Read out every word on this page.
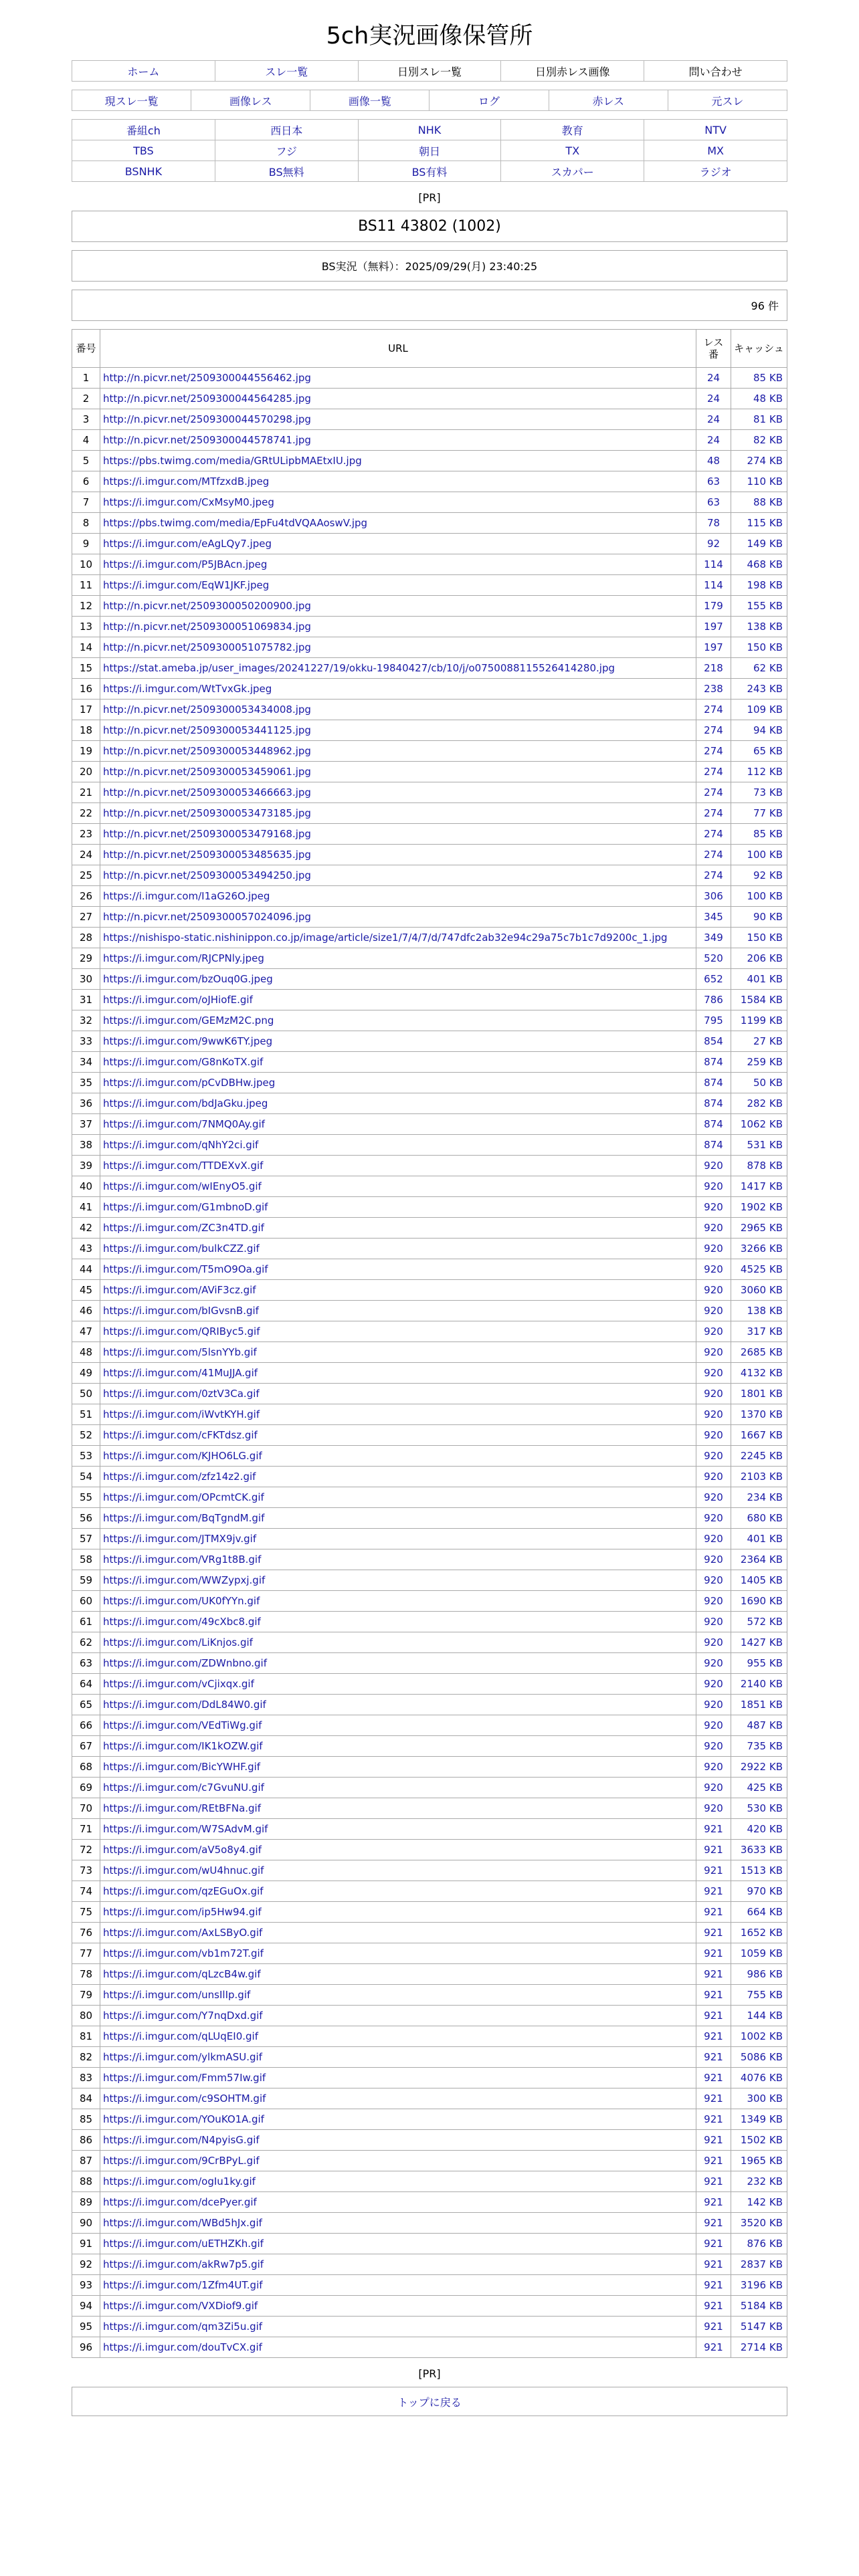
5ch実況画像保管所
ホーム	スレ一覧	日別スレ一覧	日別赤レス画像	問い合わせ
現スレ一覧	画像レス	画像一覧	ログ	赤レス	元スレ
番組ch	西日本	NHK	教育	NTV
TBS	フジ	朝日	TX	MX
BSNHK	BS無料	BS有料	スカパー	ラジオ
[PR]
BS11 43802 (1002)
BS実況（無料）：2025/09/29(月) 23:40:25
96 件
番号	URL	レス番	キャッシュ
1	http://n.picvr.net/2509300044556462.jpg	24	85 KB
2	http://n.picvr.net/2509300044564285.jpg	24	48 KB
3	http://n.picvr.net/2509300044570298.jpg	24	81 KB
4	http://n.picvr.net/2509300044578741.jpg	24	82 KB
5	https://pbs.twimg.com/media/GRtULipbMAEtxIU.jpg	48	274 KB
6	https://i.imgur.com/MTfzxdB.jpeg	63	110 KB
7	https://i.imgur.com/CxMsyM0.jpeg	63	88 KB
8	https://pbs.twimg.com/media/EpFu4tdVQAAoswV.jpg	78	115 KB
9	https://i.imgur.com/eAgLQy7.jpeg	92	149 KB
10	https://i.imgur.com/P5JBAcn.jpeg	114	468 KB
11	https://i.imgur.com/EqW1JKF.jpeg	114	198 KB
12	http://n.picvr.net/2509300050200900.jpg	179	155 KB
13	http://n.picvr.net/2509300051069834.jpg	197	138 KB
14	http://n.picvr.net/2509300051075782.jpg	197	150 KB
15	https://stat.ameba.jp/user_images/20241227/19/okku-19840427/cb/10/j/o0750088115526414280.jpg	218	62 KB
16	https://i.imgur.com/WtTvxGk.jpeg	238	243 KB
17	http://n.picvr.net/2509300053434008.jpg	274	109 KB
18	http://n.picvr.net/2509300053441125.jpg	274	94 KB
19	http://n.picvr.net/2509300053448962.jpg	274	65 KB
20	http://n.picvr.net/2509300053459061.jpg	274	112 KB
21	http://n.picvr.net/2509300053466663.jpg	274	73 KB
22	http://n.picvr.net/2509300053473185.jpg	274	77 KB
23	http://n.picvr.net/2509300053479168.jpg	274	85 KB
24	http://n.picvr.net/2509300053485635.jpg	274	100 KB
25	http://n.picvr.net/2509300053494250.jpg	274	92 KB
26	https://i.imgur.com/I1aG26O.jpeg	306	100 KB
27	http://n.picvr.net/2509300057024096.jpg	345	90 KB
28	https://nishispo-static.nishinippon.co.jp/image/article/size1/7/4/7/d/747dfc2ab32e94c29a75c7b1c7d9200c_1.jpg	349	150 KB
29	https://i.imgur.com/RJCPNly.jpeg	520	206 KB
30	https://i.imgur.com/bzOuq0G.jpeg	652	401 KB
31	https://i.imgur.com/oJHiofE.gif	786	1584 KB
32	https://i.imgur.com/GEMzM2C.png	795	1199 KB
33	https://i.imgur.com/9wwK6TY.jpeg	854	27 KB
34	https://i.imgur.com/G8nKoTX.gif	874	259 KB
35	https://i.imgur.com/pCvDBHw.jpeg	874	50 KB
36	https://i.imgur.com/bdJaGku.jpeg	874	282 KB
37	https://i.imgur.com/7NMQ0Ay.gif	874	1062 KB
38	https://i.imgur.com/qNhY2ci.gif	874	531 KB
39	https://i.imgur.com/TTDEXvX.gif	920	878 KB
40	https://i.imgur.com/wIEnyO5.gif	920	1417 KB
41	https://i.imgur.com/G1mbnoD.gif	920	1902 KB
42	https://i.imgur.com/ZC3n4TD.gif	920	2965 KB
43	https://i.imgur.com/bulkCZZ.gif	920	3266 KB
44	https://i.imgur.com/T5mO9Oa.gif	920	4525 KB
45	https://i.imgur.com/AViF3cz.gif	920	3060 KB
46	https://i.imgur.com/bIGvsnB.gif	920	138 KB
47	https://i.imgur.com/QRIByc5.gif	920	317 KB
48	https://i.imgur.com/5lsnYYb.gif	920	2685 KB
49	https://i.imgur.com/41MuJJA.gif	920	4132 KB
50	https://i.imgur.com/0ztV3Ca.gif	920	1801 KB
51	https://i.imgur.com/iWvtKYH.gif	920	1370 KB
52	https://i.imgur.com/cFKTdsz.gif	920	1667 KB
53	https://i.imgur.com/KJHO6LG.gif	920	2245 KB
54	https://i.imgur.com/zfz14z2.gif	920	2103 KB
55	https://i.imgur.com/OPcmtCK.gif	920	234 KB
56	https://i.imgur.com/BqTgndM.gif	920	680 KB
57	https://i.imgur.com/JTMX9jv.gif	920	401 KB
58	https://i.imgur.com/VRg1t8B.gif	920	2364 KB
59	https://i.imgur.com/WWZypxj.gif	920	1405 KB
60	https://i.imgur.com/UK0fYYn.gif	920	1690 KB
61	https://i.imgur.com/49cXbc8.gif	920	572 KB
62	https://i.imgur.com/LiKnjos.gif	920	1427 KB
63	https://i.imgur.com/ZDWnbno.gif	920	955 KB
64	https://i.imgur.com/vCjixqx.gif	920	2140 KB
65	https://i.imgur.com/DdL84W0.gif	920	1851 KB
66	https://i.imgur.com/VEdTiWg.gif	920	487 KB
67	https://i.imgur.com/IK1kOZW.gif	920	735 KB
68	https://i.imgur.com/BicYWHF.gif	920	2922 KB
69	https://i.imgur.com/c7GvuNU.gif	920	425 KB
70	https://i.imgur.com/REtBFNa.gif	920	530 KB
71	https://i.imgur.com/W7SAdvM.gif	921	420 KB
72	https://i.imgur.com/aV5o8y4.gif	921	3633 KB
73	https://i.imgur.com/wU4hnuc.gif	921	1513 KB
74	https://i.imgur.com/qzEGuOx.gif	921	970 KB
75	https://i.imgur.com/ip5Hw94.gif	921	664 KB
76	https://i.imgur.com/AxLSByO.gif	921	1652 KB
77	https://i.imgur.com/vb1m72T.gif	921	1059 KB
78	https://i.imgur.com/qLzcB4w.gif	921	986 KB
79	https://i.imgur.com/unsIlIp.gif	921	755 KB
80	https://i.imgur.com/Y7nqDxd.gif	921	144 KB
81	https://i.imgur.com/qLUqEI0.gif	921	1002 KB
82	https://i.imgur.com/ylkmASU.gif	921	5086 KB
83	https://i.imgur.com/Fmm57Iw.gif	921	4076 KB
84	https://i.imgur.com/c9SOHTM.gif	921	300 KB
85	https://i.imgur.com/YOuKO1A.gif	921	1349 KB
86	https://i.imgur.com/N4pyisG.gif	921	1502 KB
87	https://i.imgur.com/9CrBPyL.gif	921	1965 KB
88	https://i.imgur.com/ogIu1ky.gif	921	232 KB
89	https://i.imgur.com/dcePyer.gif	921	142 KB
90	https://i.imgur.com/WBd5hJx.gif	921	3520 KB
91	https://i.imgur.com/uETHZKh.gif	921	876 KB
92	https://i.imgur.com/akRw7p5.gif	921	2837 KB
93	https://i.imgur.com/1Zfm4UT.gif	921	3196 KB
94	https://i.imgur.com/VXDiof9.gif	921	5184 KB
95	https://i.imgur.com/qm3Zi5u.gif	921	5147 KB
96	https://i.imgur.com/douTvCX.gif	921	2714 KB
[PR]
トップに戻る
